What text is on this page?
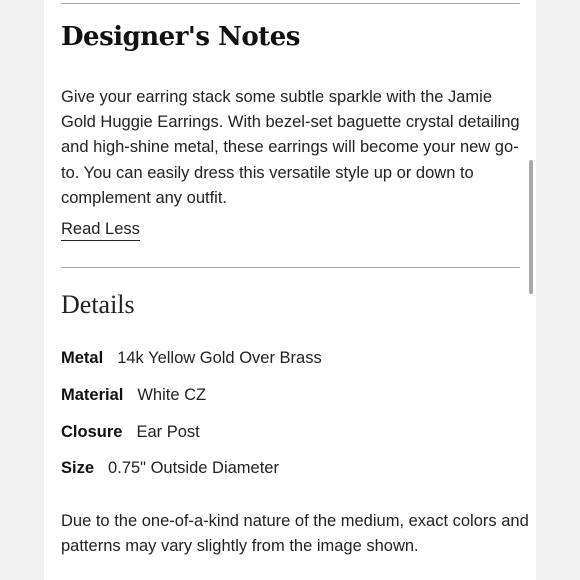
Designer's Notes

Give your earring stack some subtle sparkle with the Jamie Gold Huggie Earrings. With bezel-set baguette crystal detailing and high-shine metal, these earrings will become your new go-to. You can easily dress this versatile style up or down to complement any outfit.

Read Less
Details
Metal 14k Yellow Gold Over Brass
Material White CZ
Closure Ear Post
Size 0.75" Outside Diameter

Due to the one-of-a-kind nature of the medium, exact colors and patterns may vary slightly from the image shown.
